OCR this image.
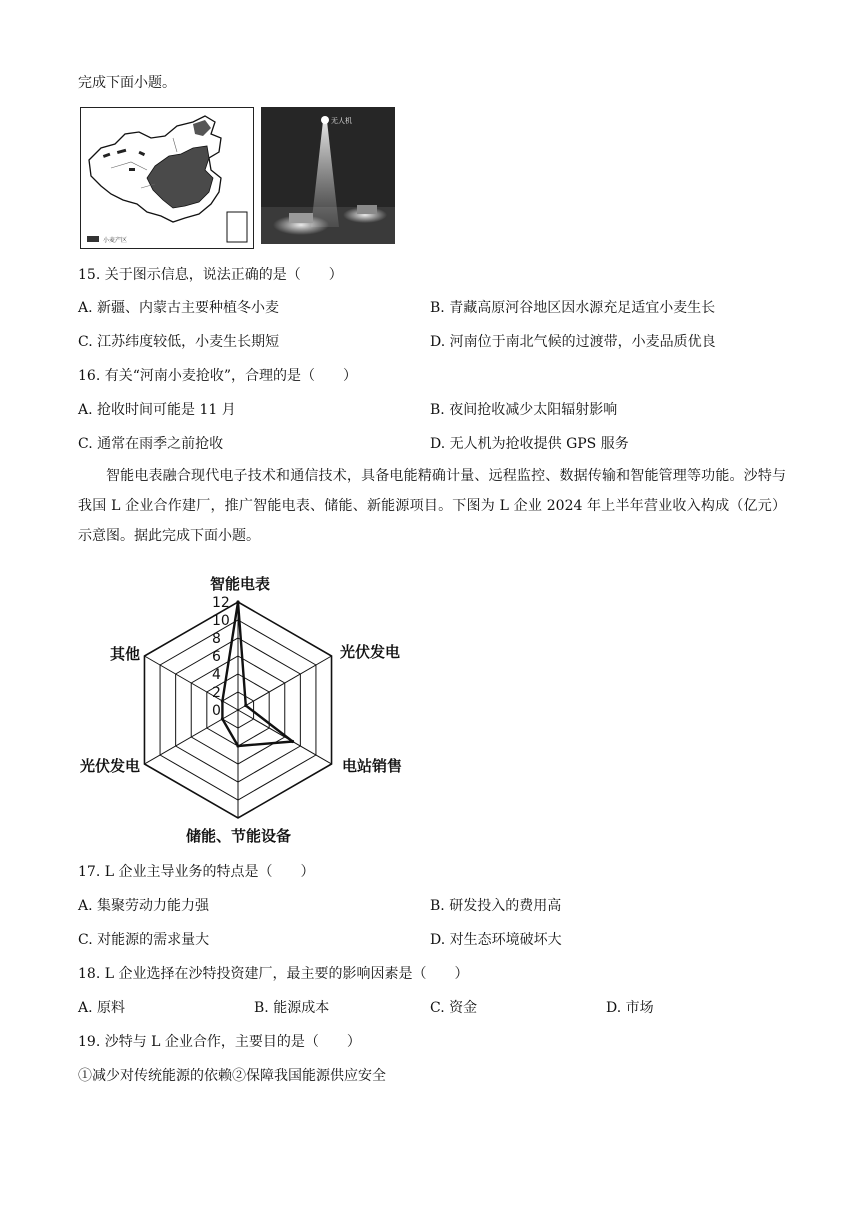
完成下面小题。
小麦产区
无人机
15. 关于图示信息，说法正确的是（　　）
A. 新疆、内蒙古主要种植冬小麦	B. 青藏高原河谷地区因水源充足适宜小麦生长
C. 江苏纬度较低，小麦生长期短	D. 河南位于南北气候的过渡带，小麦品质优良
16. 有关“河南小麦抢收”，合理的是（　　）
A. 抢收时间可能是 11 月	B. 夜间抢收减少太阳辐射影响
C. 通常在雨季之前抢收	D. 无人机为抢收提供 GPS 服务
智能电表融合现代电子技术和通信技术，具备电能精确计量、远程监控、数据传输和智能管理等功能。沙特与我国 L 企业合作建厂，推广智能电表、储能、新能源项目。下图为 L 企业 2024 年上半年营业收入构成（亿元）示意图。据此完成下面小题。
0
2
4
6
8
10
12
智能电表
光伏发电
电站销售
储能、节能设备
光伏发电
其他
17. L 企业主导业务的特点是（　　）
A. 集聚劳动力能力强	B. 研发投入的费用高
C. 对能源的需求量大	D. 对生态环境破坏大
18. L 企业选择在沙特投资建厂，最主要的影响因素是（　　）
A. 原料	B. 能源成本	C. 资金	D. 市场
19. 沙特与 L 企业合作，主要目的是（　　）
①减少对传统能源的依赖②保障我国能源供应安全
